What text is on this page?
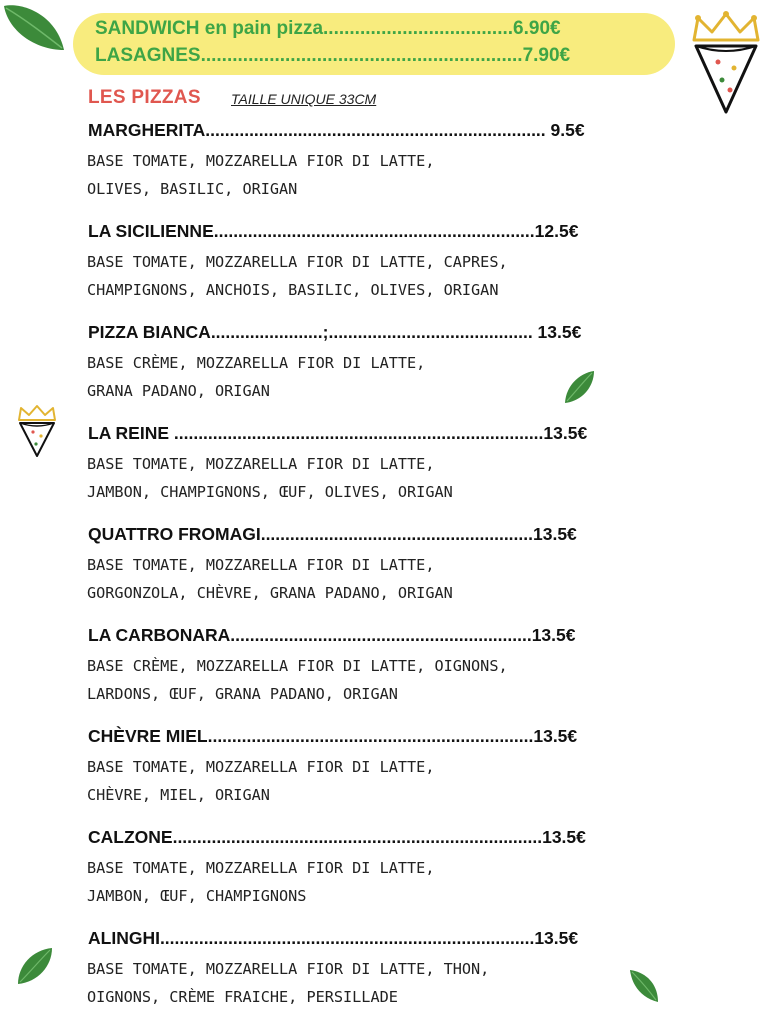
SANDWICH en pain pizza....................................6.90€
LASAGNES.............................................................7.90€
LES PIZZAS TAILLE UNIQUE 33CM
MARGHERITA...................................................................... 9.5€
BASE TOMATE, MOZZARELLA FIOR DI LATTE,
OLIVES, BASILIC, ORIGAN
LA SICILIENNE..................................................................12.5€
BASE TOMATE, MOZZARELLA FIOR DI LATTE, CAPRES,
CHAMPIGNONS, ANCHOIS, BASILIC, OLIVES, ORIGAN
PIZZA BIANCA.......................;.......................................... 13.5€
BASE CRÈME, MOZZARELLA FIOR DI LATTE,
GRANA PADANO, ORIGAN
LA REINE ............................................................................13.5€
BASE TOMATE, MOZZARELLA FIOR DI LATTE,
JAMBON, CHAMPIGNONS, ŒUF, OLIVES, ORIGAN
QUATTRO FROMAGI........................................................13.5€
BASE TOMATE, MOZZARELLA FIOR DI LATTE,
GORGONZOLA, CHÈVRE, GRANA PADANO, ORIGAN
LA CARBONARA..............................................................13.5€
BASE CRÈME, MOZZARELLA FIOR DI LATTE, OIGNONS,
LARDONS, ŒUF, GRANA PADANO, ORIGAN
CHÈVRE MIEL...................................................................13.5€
BASE TOMATE, MOZZARELLA FIOR DI LATTE,
CHÈVRE, MIEL, ORIGAN
CALZONE............................................................................13.5€
BASE TOMATE, MOZZARELLA FIOR DI LATTE,
JAMBON, ŒUF, CHAMPIGNONS
ALINGHI.............................................................................13.5€
BASE TOMATE, MOZZARELLA FIOR DI LATTE, THON,
OIGNONS, CRÈME FRAICHE, PERSILLADE
